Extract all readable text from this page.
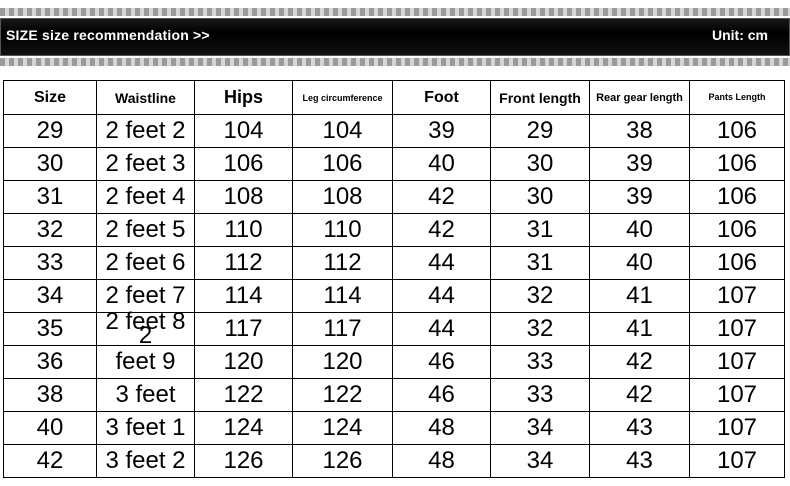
SIZE size recommendation >>	Unit: cm
Size	Waistline	Hips	Leg circumference	Foot	Front length	Rear gear length	Pants Length
29	2 feet 2	104	104	39	29	38	106
30	2 feet 3	106	106	40	30	39	106
31	2 feet 4	108	108	42	30	39	106
32	2 feet 5	110	110	42	31	40	106
33	2 feet 6	112	112	44	31	40	106
34	2 feet 7	114	114	44	32	41	107
35	2 feet 8 2	117	117	44	32	41	107
36	feet 9	120	120	46	33	42	107
38	3 feet	122	122	46	33	42	107
40	3 feet 1	124	124	48	34	43	107
42	3 feet 2	126	126	48	34	43	107
